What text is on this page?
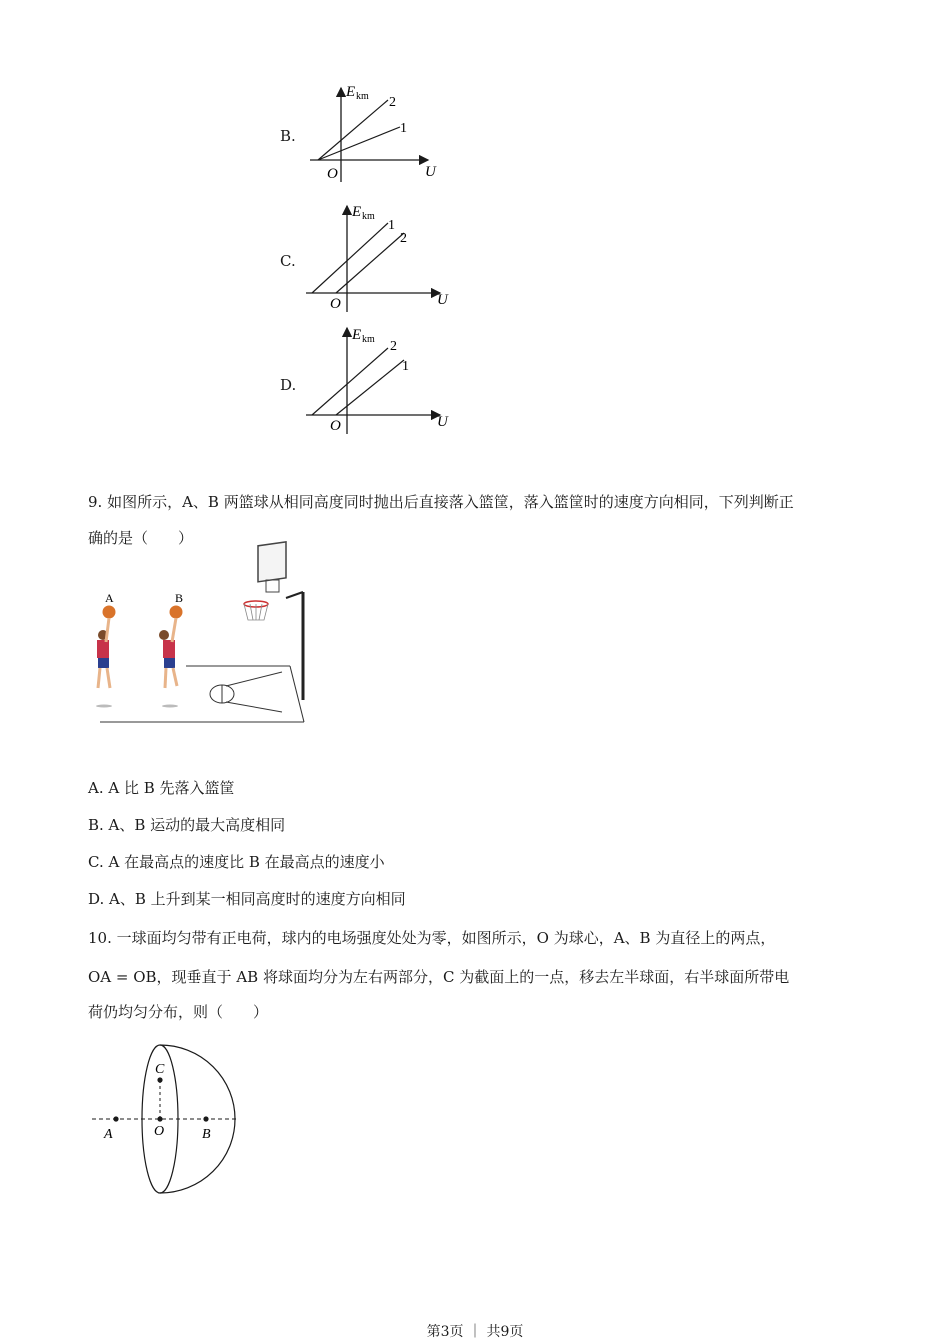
B.
E km 2
1
O	U
C.
E km
1
2
O	U
D.
E km 2
1
O	U
9. 如图所示，A、B 两篮球从相同高度同时抛出后直接落入篮筐，落入篮筐时的速度方向相同，下列判断正
确的是（　　）
A	B
A. A 比 B 先落入篮筐
B. A、B 运动的最大高度相同
C. A 在最高点的速度比 B 在最高点的速度小
D. A、B 上升到某一相同高度时的速度方向相同
10. 一球面均匀带有正电荷，球内的电场强度处处为零，如图所示，O 为球心，A、B 为直径上的两点，
OA = OB，现垂直于 AB 将球面均分为左右两部分，C 为截面上的一点，移去左半球面，右半球面所带电
荷仍均匀分布，则（　　）
A	O	B
C
第3页 ｜ 共9页
